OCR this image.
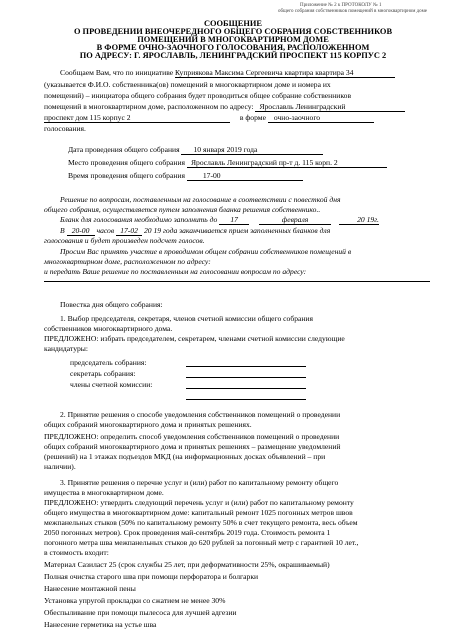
Приложение № 2 к ПРОТОКОЛУ № 1
общего собрания собственников помещений в многоквартирном доме
СООБЩЕНИЕ
О ПРОВЕДЕНИИ ВНЕОЧЕРЕДНОГО ОБЩЕГО СОБРАНИЯ СОБСТВЕННИКОВ
ПОМЕЩЕНИЙ В МНОГОКВАРТИРНОМ ДОМЕ
В ФОРМЕ ОЧНО-ЗАОЧНОГО ГОЛОСОВАНИЯ, РАСПОЛОЖЕННОМ
ПО АДРЕСУ: Г. ЯРОСЛАВЛЬ, ЛЕНИНГРАДСКИЙ ПРОСПЕКТ 115 КОРПУС 2
Сообщаем Вам, что по инициативе Куприякова Максима Сергеевича квартира квартира 34
(указывается Ф.И.О. собственника(ов) помещений в многоквартирном доме и номера их
помещений) – инициатора общего собрания будет проводиться общее собрание собственников
помещений в многоквартирном доме, расположенном по адресу: Ярославль Ленинградский
проспект дом 115 корпус 2	в форме очно-заочного
голосования.
Дата проведения общего собрания 10 января 2019 года
Место проведения общего собрания Ярославль Ленинградский пр-т д. 115 корп. 2
Время проведения общего собрания 17-00
Решение по вопросам, поставленным на голосование в соответствии с повесткой дня
общего собрания, осуществляется путем заполнения бланка решения собственнико..
Бланк для голосования необходимо заполнить до 17	февраля	20 19г.
В 20-00 часов 17-02 20 19 года заканчивается прием заполненных бланков для
голосования и будет произведен подсчет голосов.
Просим Вас принять участие в проводимом общем собрании собственников помещений в
многоквартирном доме, расположенном по адресу:
и передать Ваше решение по поставленным на голосовании вопросам по адресу:
Повестка дня общего собрания:
1. Выбор председателя, секретаря, членов счетной комиссии общего собрания
собственников многоквартирного дома.
ПРЕДЛОЖЕНО: избрать председателем, секретарем, членами счетной комиссии следующие
кандидатуры:
председатель собрания:
секретарь собрания:
члены счетной комиссии:
2. Принятие решения о способе уведомления собственников помещений о проведении
общих собраний многоквартирного дома и принятых решениях.
ПРЕДЛОЖЕНО: определить способ уведомления собственников помещений о проведении
общих собраний многоквартирного дома и принятых решениях – размещение уведомлений
(решений) на 1 этажах подъездов МКД (на информационных досках объявлений – при
наличии).
3. Принятие решения о перечне услуг и (или) работ по капитальному ремонту общего
имущества в многоквартирном доме.
ПРЕДЛОЖЕНО: утвердить следующий перечень услуг и (или) работ по капитальному ремонту
общего имущества в многоквартирном доме: капитальный ремонт 1025 погонных метров швов
межпанельных стыков (50% по капитальному ремонту 50% в счет текущего ремонта, весь объем
2050 погонных метров). Срок проведения май-сентябрь 2019 года. Стоимость ремонта 1
погонного метра шва межпанельных стыков до 620 рублей за погонный метр с гарантией 10 лет.,
в стоимость входит:
Материал Сазиласт 25 (срок службы 25 лет, при деформативности 25%, окрашиваемый)
Полная очистка старого шва при помощи перфоратора и болгарки
Нанесение монтажной пены
Установка упругой прокладки со сжатием не менее 30%
Обеспыливание при помощи пылесоса для лучшей адгезии
Нанесение герметика на устье шва
